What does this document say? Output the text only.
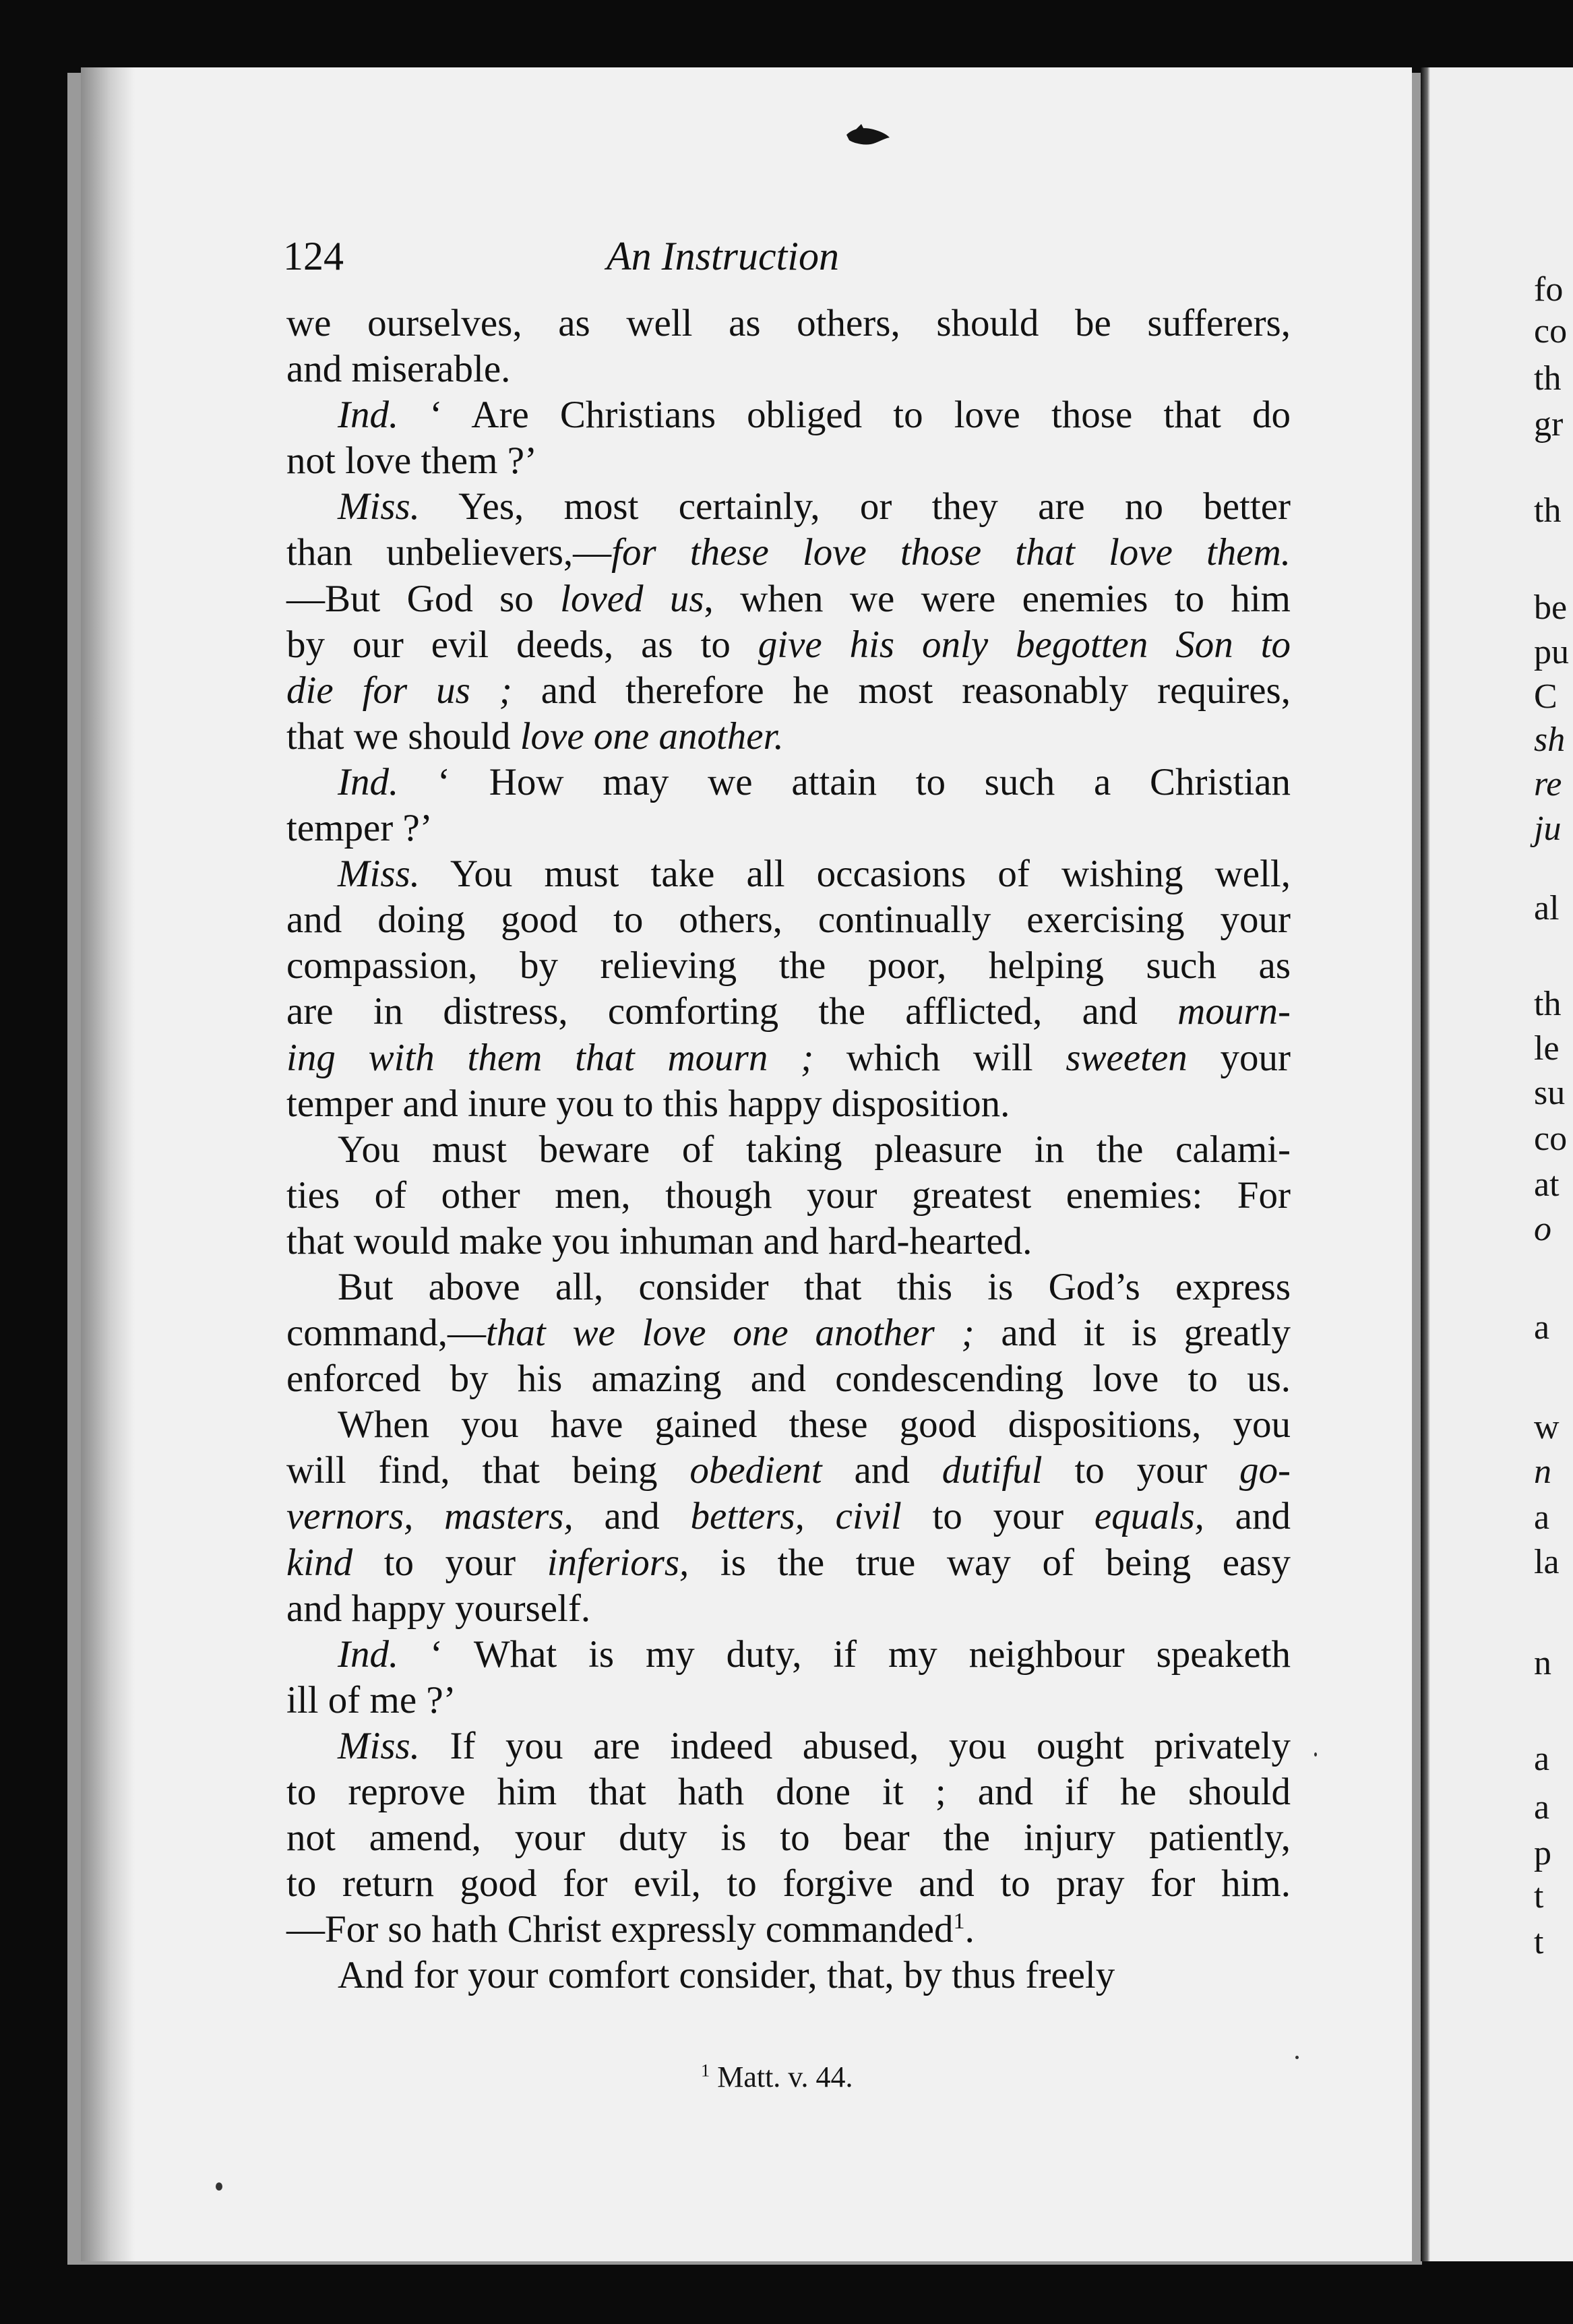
fo
co
th
gr
th
be
pu
C
sh
re
ju
al
th
le
su
co
at
o
a
w
n
a
la
n
a
a
p
t
t
124	An Instruction
we ourselves, as well as others, should be sufferers,
and miserable.
Ind. ‘ Are Christians obliged to love those that do
not love them ?’
Miss. Yes, most certainly, or they are no better
than unbelievers,—for these love those that love them.
—But God so loved us, when we were enemies to him
by our evil deeds, as to give his only begotten Son to
die for us ; and therefore he most reasonably requires,
that we should love one another.
Ind. ‘ How may we attain to such a Christian
temper ?’
Miss. You must take all occasions of wishing well,
and doing good to others, continually exercising your
compassion, by relieving the poor, helping such as
are in distress, comforting the afflicted, and mourn-
ing with them that mourn ; which will sweeten your
temper and inure you to this happy disposition.
You must beware of taking pleasure in the calami-
ties of other men, though your greatest enemies: For
that would make you inhuman and hard-hearted.
But above all, consider that this is God’s express
command,—that we love one another ; and it is greatly
enforced by his amazing and condescending love to us.
When you have gained these good dispositions, you
will find, that being obedient and dutiful to your go-
vernors, masters, and betters, civil to your equals, and
kind to your inferiors, is the true way of being easy
and happy yourself.
Ind. ‘ What is my duty, if my neighbour speaketh
ill of me ?’
Miss. If you are indeed abused, you ought privately
to reprove him that hath done it ; and if he should
not amend, your duty is to bear the injury patiently,
to return good for evil, to forgive and to pray for him.
—For so hath Christ expressly commanded$^1$.
And for your comfort consider, that, by thus freely
$^1$ Matt. v. 44.
